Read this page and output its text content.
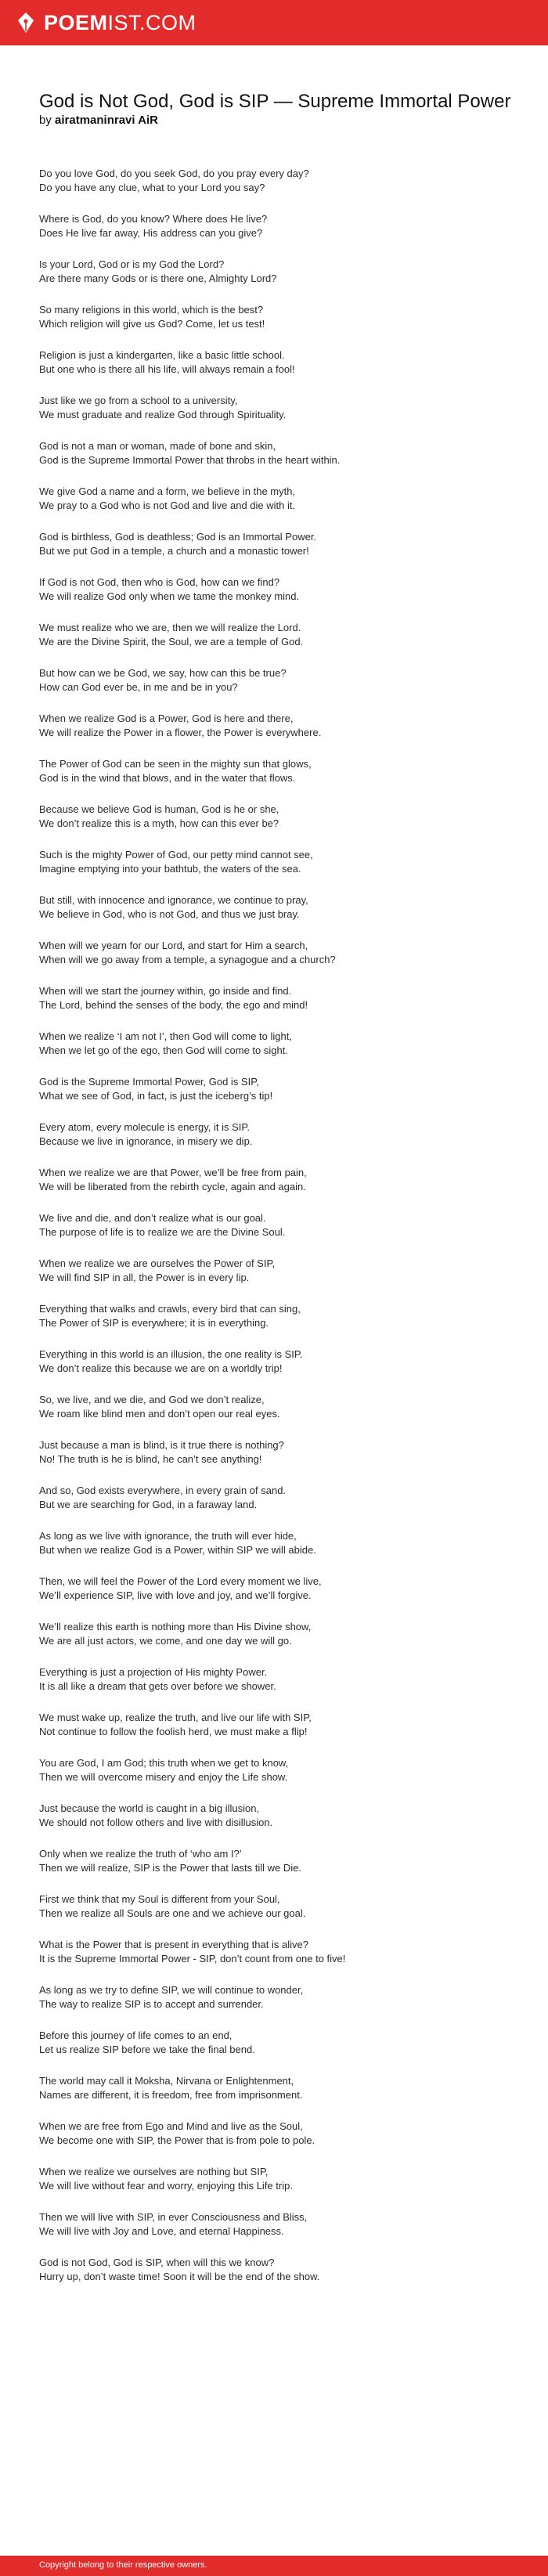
POEMIST.COM
God is Not God, God is SIP — Supreme Immortal Power
by airatmaninravi AiR

Do you love God, do you seek God, do you pray every day?
Do you have any clue, what to your Lord you say?

Where is God, do you know? Where does He live?
Does He live far away, His address can you give?

Is your Lord, God or is my God the Lord?
Are there many Gods or is there one, Almighty Lord?

So many religions in this world, which is the best?
Which religion will give us God? Come, let us test!

Religion is just a kindergarten, like a basic little school.
But one who is there all his life, will always remain a fool!

Just like we go from a school to a university,
We must graduate and realize God through Spirituality.

God is not a man or woman, made of bone and skin,
God is the Supreme Immortal Power that throbs in the heart within.

We give God a name and a form, we believe in the myth,
We pray to a God who is not God and live and die with it.

God is birthless, God is deathless; God is an Immortal Power.
But we put God in a temple, a church and a monastic tower!

If God is not God, then who is God, how can we find?
We will realize God only when we tame the monkey mind.

We must realize who we are, then we will realize the Lord.
We are the Divine Spirit, the Soul, we are a temple of God.

But how can we be God, we say, how can this be true?
How can God ever be, in me and be in you?

When we realize God is a Power, God is here and there,
We will realize the Power in a flower, the Power is everywhere.

The Power of God can be seen in the mighty sun that glows,
God is in the wind that blows, and in the water that flows.

Because we believe God is human, God is he or she,
We don’t realize this is a myth, how can this ever be?

Such is the mighty Power of God, our petty mind cannot see,
Imagine emptying into your bathtub, the waters of the sea.

But still, with innocence and ignorance, we continue to pray,
We believe in God, who is not God, and thus we just bray.

When will we yearn for our Lord, and start for Him a search,
When will we go away from a temple, a synagogue and a church?

When will we start the journey within, go inside and find.
The Lord, behind the senses of the body, the ego and mind!

When we realize ‘I am not I’, then God will come to light,
When we let go of the ego, then God will come to sight.

God is the Supreme Immortal Power, God is SIP,
What we see of God, in fact, is just the iceberg’s tip!

Every atom, every molecule is energy, it is SIP.
Because we live in ignorance, in misery we dip.

When we realize we are that Power, we’ll be free from pain,
We will be liberated from the rebirth cycle, again and again.

We live and die, and don’t realize what is our goal.
The purpose of life is to realize we are the Divine Soul.

When we realize we are ourselves the Power of SIP,
We will find SIP in all, the Power is in every lip.

Everything that walks and crawls, every bird that can sing,
The Power of SIP is everywhere; it is in everything.

Everything in this world is an illusion, the one reality is SIP.
We don’t realize this because we are on a worldly trip!

So, we live, and we die, and God we don’t realize,
We roam like blind men and don’t open our real eyes.

Just because a man is blind, is it true there is nothing?
No! The truth is he is blind, he can’t see anything!

And so, God exists everywhere, in every grain of sand.
But we are searching for God, in a faraway land.

As long as we live with ignorance, the truth will ever hide,
But when we realize God is a Power, within SIP we will abide.

Then, we will feel the Power of the Lord every moment we live,
We’ll experience SIP, live with love and joy, and we’ll forgive.

We’ll realize this earth is nothing more than His Divine show,
We are all just actors, we come, and one day we will go.

Everything is just a projection of His mighty Power.
It is all like a dream that gets over before we shower.

We must wake up, realize the truth, and live our life with SIP,
Not continue to follow the foolish herd, we must make a flip!

You are God, I am God; this truth when we get to know,
Then we will overcome misery and enjoy the Life show.

Just because the world is caught in a big illusion,
We should not follow others and live with disillusion.

Only when we realize the truth of ‘who am I?’
Then we will realize, SIP is the Power that lasts till we Die.

First we think that my Soul is different from your Soul,
Then we realize all Souls are one and we achieve our goal.

What is the Power that is present in everything that is alive?
It is the Supreme Immortal Power - SIP, don’t count from one to five!

As long as we try to define SIP, we will continue to wonder,
The way to realize SIP is to accept and surrender.

Before this journey of life comes to an end,
Let us realize SIP before we take the final bend.

The world may call it Moksha, Nirvana or Enlightenment,
Names are different, it is freedom, free from imprisonment.

When we are free from Ego and Mind and live as the Soul,
We become one with SIP, the Power that is from pole to pole.

When we realize we ourselves are nothing but SIP,
We will live without fear and worry, enjoying this Life trip.

Then we will live with SIP, in ever Consciousness and Bliss,
We will live with Joy and Love, and eternal Happiness.

God is not God, God is SIP, when will this we know?
Hurry up, don’t waste time! Soon it will be the end of the show.

Copyright belong to their respective owners.
